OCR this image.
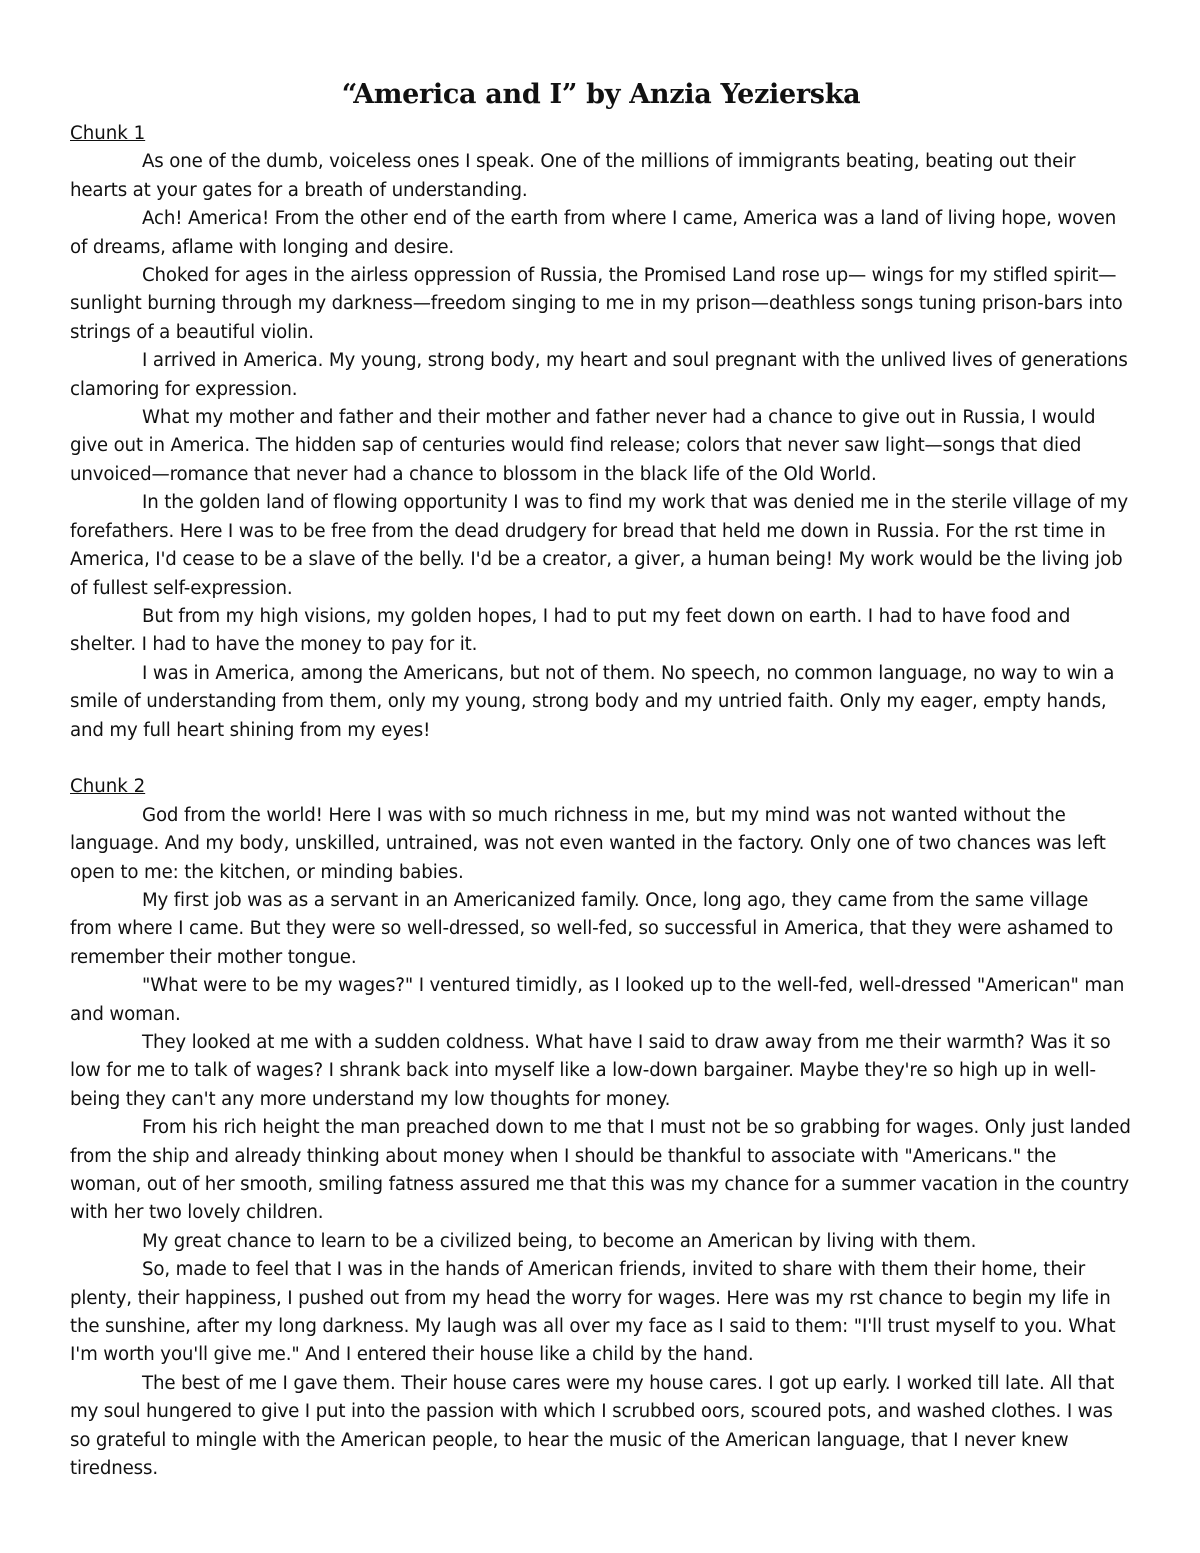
“America and I” by Anzia Yezierska

Chunk 1

As one of the dumb, voiceless ones I speak. One of the millions of immigrants beating, beating out their hearts at your gates for a breath of understanding.

Ach! America! From the other end of the earth from where I came, America was a land of living hope, woven of dreams, aflame with longing and desire.

Choked for ages in the airless oppression of Russia, the Promised Land rose up— wings for my stifled spirit—sunlight burning through my darkness—freedom singing to me in my prison—deathless songs tuning prison-bars into strings of a beautiful violin.

I arrived in America. My young, strong body, my heart and soul pregnant with the unlived lives of generations clamoring for expression.

What my mother and father and their mother and father never had a chance to give out in Russia, I would give out in America. The hidden sap of centuries would find release; colors that never saw light—songs that died unvoiced—romance that never had a chance to blossom in the black life of the Old World.

In the golden land of flowing opportunity I was to find my work that was denied me in the sterile village of my forefathers. Here I was to be free from the dead drudgery for bread that held me down in Russia. For the rst time in America, I'd cease to be a slave of the belly. I'd be a creator, a giver, a human being! My work would be the living job of fullest self-expression.

But from my high visions, my golden hopes, I had to put my feet down on earth. I had to have food and shelter. I had to have the money to pay for it.

I was in America, among the Americans, but not of them. No speech, no common language, no way to win a smile of understanding from them, only my young, strong body and my untried faith. Only my eager, empty hands, and my full heart shining from my eyes!

Chunk 2

God from the world! Here I was with so much richness in me, but my mind was not wanted without the language. And my body, unskilled, untrained, was not even wanted in the factory. Only one of two chances was left open to me: the kitchen, or minding babies.

My first job was as a servant in an Americanized family. Once, long ago, they came from the same village from where I came. But they were so well-dressed, so well-fed, so successful in America, that they were ashamed to remember their mother tongue.

"What were to be my wages?" I ventured timidly, as I looked up to the well-fed, well-dressed "American" man and woman.

They looked at me with a sudden coldness. What have I said to draw away from me their warmth? Was it so low for me to talk of wages? I shrank back into myself like a low-down bargainer. Maybe they're so high up in well-being they can't any more understand my low thoughts for money.

From his rich height the man preached down to me that I must not be so grabbing for wages. Only just landed from the ship and already thinking about money when I should be thankful to associate with "Americans." the woman, out of her smooth, smiling fatness assured me that this was my chance for a summer vacation in the country with her two lovely children.

My great chance to learn to be a civilized being, to become an American by living with them.

So, made to feel that I was in the hands of American friends, invited to share with them their home, their plenty, their happiness, I pushed out from my head the worry for wages. Here was my rst chance to begin my life in the sunshine, after my long darkness. My laugh was all over my face as I said to them: "I'll trust myself to you. What I'm worth you'll give me." And I entered their house like a child by the hand.

The best of me I gave them. Their house cares were my house cares. I got up early. I worked till late. All that my soul hungered to give I put into the passion with which I scrubbed oors, scoured pots, and washed clothes. I was so grateful to mingle with the American people, to hear the music of the American language, that I never knew tiredness.
